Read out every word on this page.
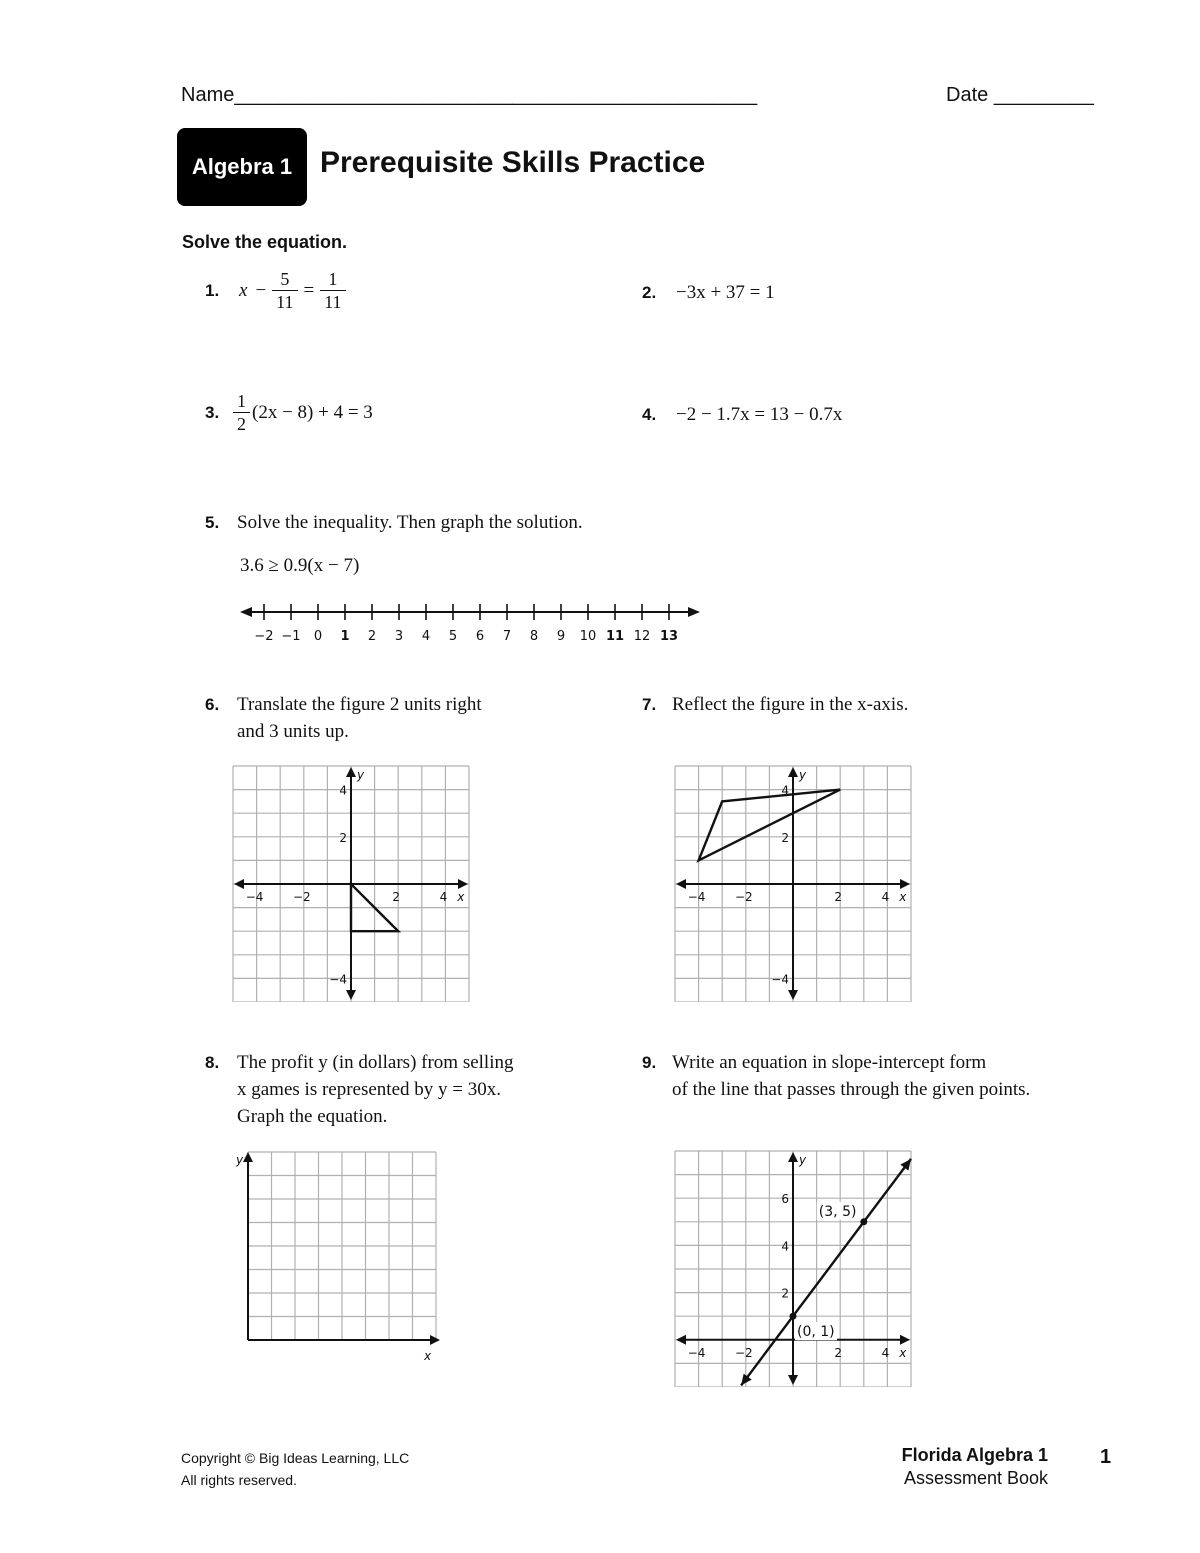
Name_______________________________________________	Date _________
Algebra 1 Prerequisite Skills Practice
Solve the equation.
1.	$x - \frac{5}{11} = \frac{1}{11}$	2.	−3x + 37 = 1
3. $\frac{1}{2} (2x - 8) + 4 = 3$	4.	−2 − 1.7x = 13 − 0.7x
5. Solve the inequality. Then graph the solution.
3.6 ≥ 0.9(x − 7)
−2 −1 0 1 2 3 4 5 6 7 8 9 10 11 12 13
6. Translate the figure 2 units right
and 3 units up.
7. Reflect the figure in the x-axis.
−4 −2	2	4
4
2
−4
x
y
−4 −2	2	4
4
2
−4
x
y
8. The profit y (in dollars) from selling
x games is represented by y = 30x.
Graph the equation.
9. Write an equation in slope-intercept form
of the line that passes through the given points.
x
y
−4 −2	2	4
6
4
2
x
y
(0, 1)
(3, 5)
Copyright © Big Ideas Learning, LLC
All rights reserved.
Florida Algebra 1
Assessment Book
1
